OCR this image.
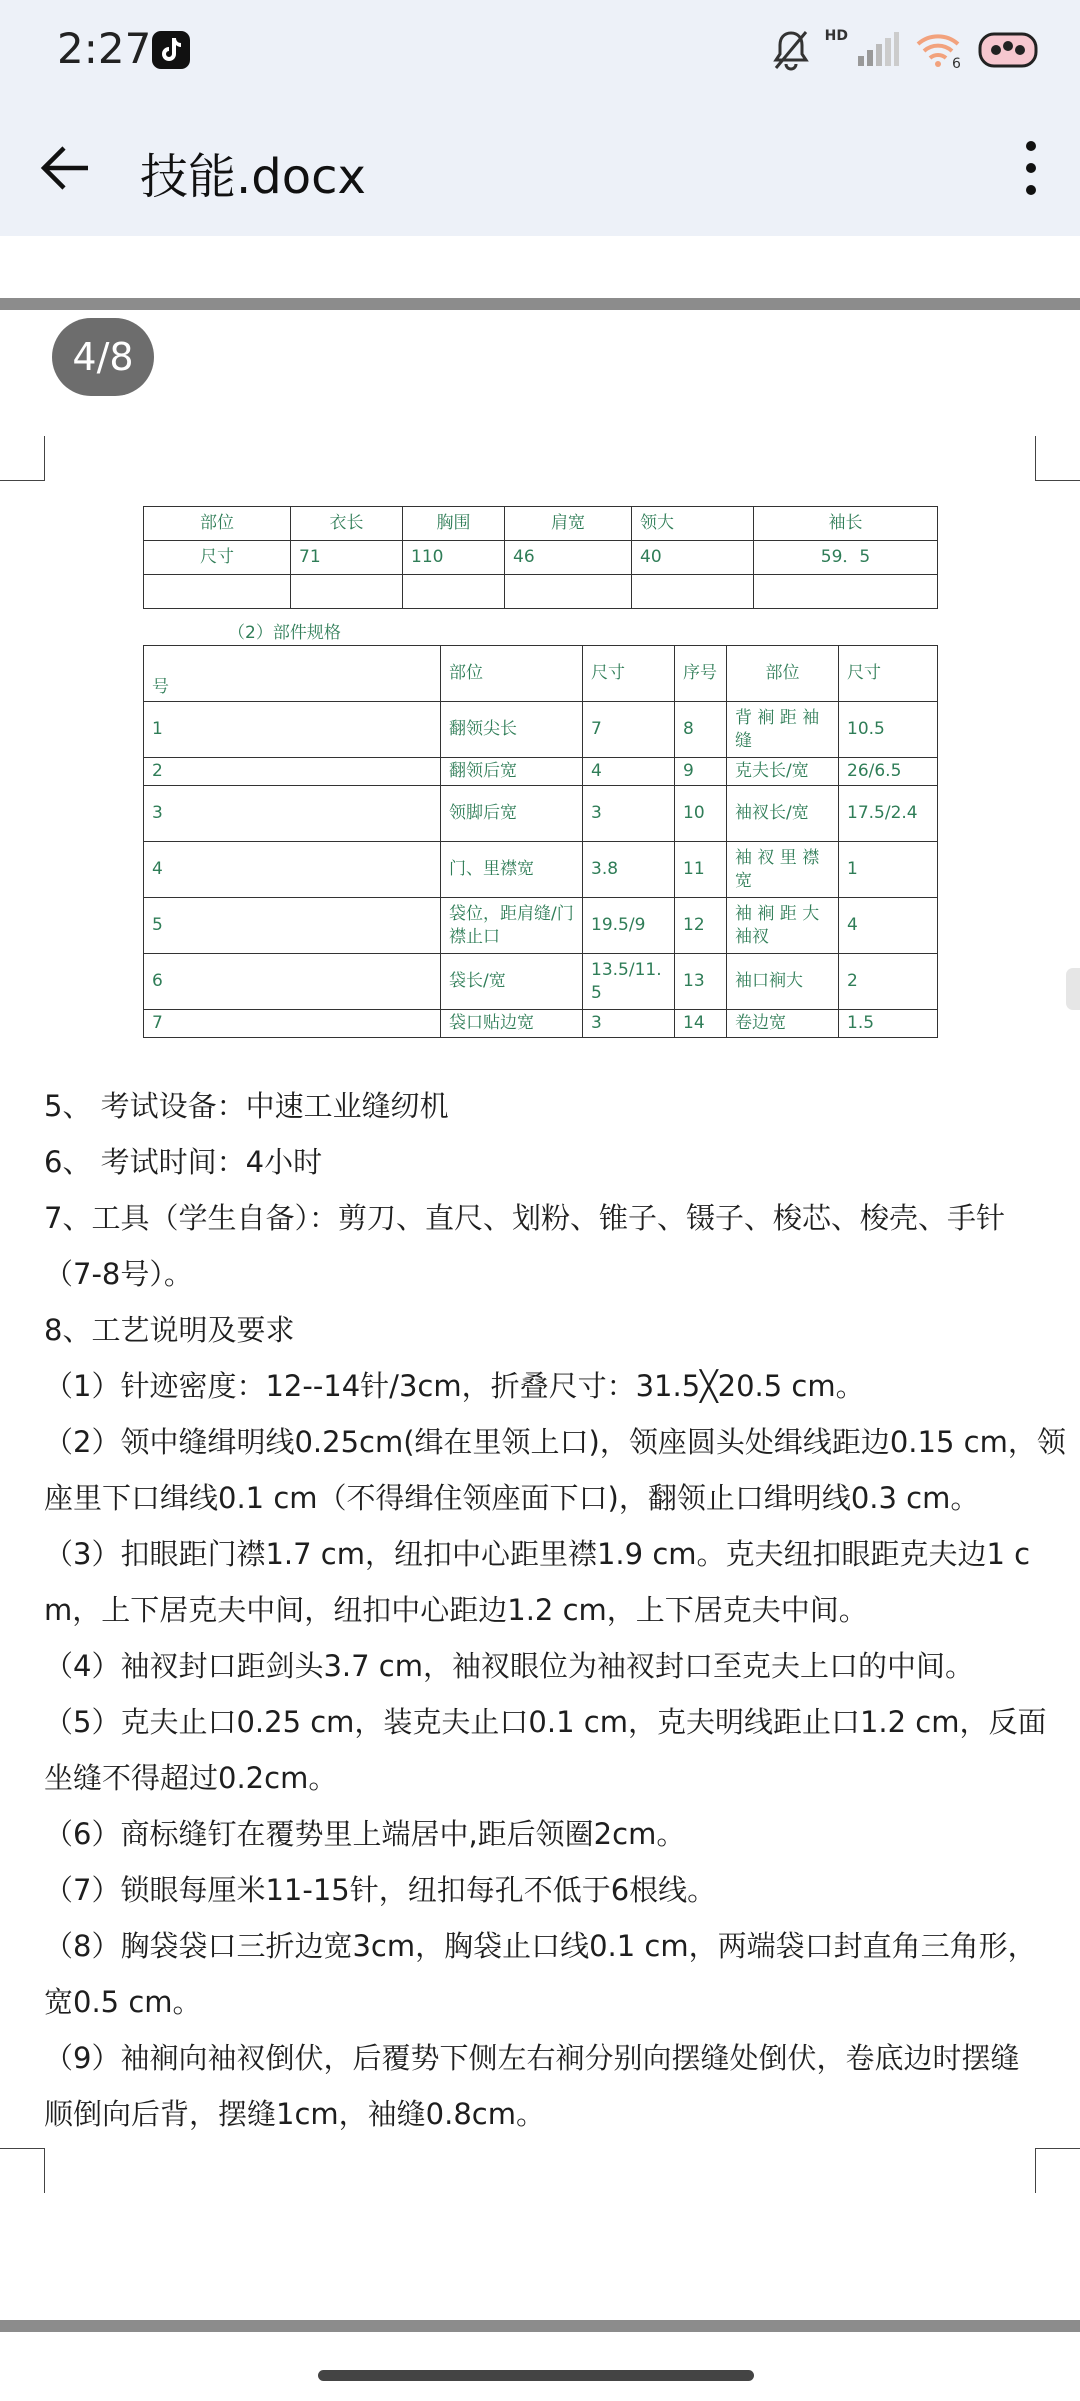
2:27	HD
6
技能.docx
4/8
部位	衣长	胸围	肩宽	领大	袖长
尺寸	71	110	46	40	59．5

（2）部件规格
号	部位	尺寸	序号	部位	尺寸
1	翻领尖长	7	8	背 裥 距 袖 缝	10.5
2	翻领后宽	4	9	克夫长/宽	26/6.5
3	领脚后宽	3	10	袖衩长/宽	17.5/2.4
4	门、里襟宽	3.8	11	袖 衩 里 襟 宽	1
5	袋位，距肩缝/门襟止口	19.5/9	12	袖 裥 距 大 袖衩	4
6	袋长/宽	13.5/11.5	13	袖口裥大	2
7	袋口贴边宽	3	14	卷边宽	1.5

5、 考试设备：中速工业缝纫机

6、 考试时间：4小时

7、工具（学生自备）：剪刀、直尺、划粉、锥子、镊子、梭芯、梭壳、手针

（7-8号）。

8、工艺说明及要求

（1）针迹密度：12--14针/3cm，折叠尺寸：31.5╳20.5 cm。

（2）领中缝缉明线0.25cm(缉在里领上口)，领座圆头处缉线距边0.15 cm，领

座里下口缉线0.1 cm（不得缉住领座面下口)，翻领止口缉明线0.3 cm。

（3）扣眼距门襟1.7 cm，纽扣中心距里襟1.9 cm。克夫纽扣眼距克夫边1 c

m，上下居克夫中间，纽扣中心距边1.2 cm，上下居克夫中间。

（4）袖衩封口距剑头3.7 cm，袖衩眼位为袖衩封口至克夫上口的中间。

（5）克夫止口0.25 cm，装克夫止口0.1 cm，克夫明线距止口1.2 cm，反面

坐缝不得超过0.2cm。

（6）商标缝钉在覆势里上端居中,距后领圈2cm。

（7）锁眼每厘米11-15针，纽扣每孔不低于6根线。

（8）胸袋袋口三折边宽3cm，胸袋止口线0.1 cm，两端袋口封直角三角形，

宽0.5 cm。

（9）袖裥向袖衩倒伏，后覆势下侧左右裥分别向摆缝处倒伏，卷底边时摆缝

顺倒向后背，摆缝1cm，袖缝0.8cm。
